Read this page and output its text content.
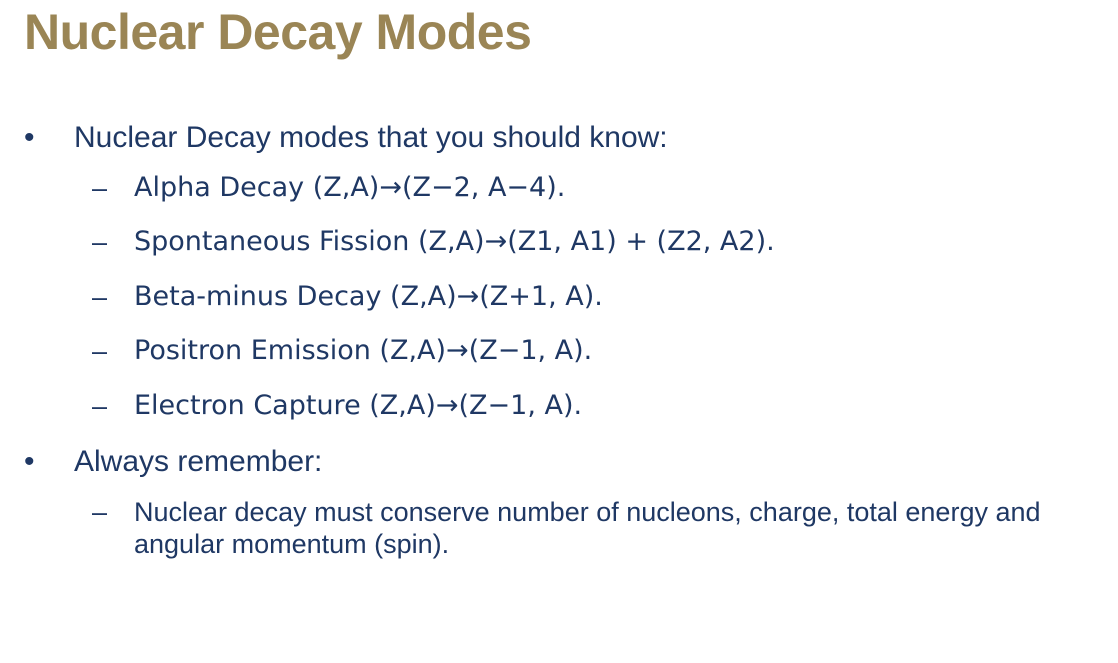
Nuclear Decay Modes
•	Nuclear Decay modes that you should know:
– Alpha Decay (Z,A)→(Z−2, A−4).
– Spontaneous Fission (Z,A)→(Z1, A1) + (Z2, A2).
– Beta-minus Decay (Z,A)→(Z+1, A).
– Positron Emission (Z,A)→(Z−1, A).
– Electron Capture (Z,A)→(Z−1, A).
•	Always remember:
– Nuclear decay must conserve number of nucleons, charge, total energy and angular momentum (spin).
